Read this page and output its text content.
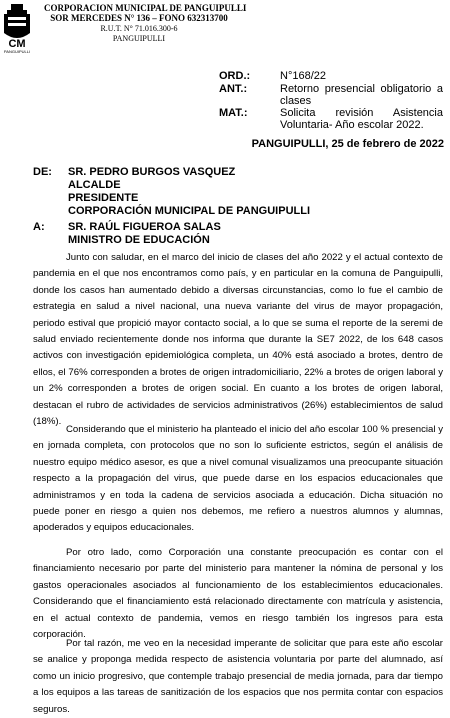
CM
PANGUIPULLI
CORPORACION MUNICIPAL DE PANGUIPULLI
SOR MERCEDES N° 136 – FONO 632313700
R.U.T. N° 71.016.300-6
PANGUIPULLI
ORD.:	N°168/22
ANT.:	Retorno presencial obligatorio a
clases
MAT.:	Solicita revisión Asistencia
Voluntaria- Año escolar 2022.
PANGUIPULLI, 25 de febrero de 2022
DE: SR. PEDRO BURGOS VASQUEZ
ALCALDE
PRESIDENTE
CORPORACIÓN MUNICIPAL DE PANGUIPULLI
A: SR. RAÚL FIGUEROA SALAS
MINISTRO DE EDUCACIÓN

Junto con saludar, en el marco del inicio de clases del año 2022 y el actual contexto de pandemia en el que nos encontramos como país, y en particular en la comuna de Panguipulli, donde los casos han aumentado debido a diversas circunstancias, como lo fue el cambio de estrategia en salud a nivel nacional, una nueva variante del virus de mayor propagación, periodo estival que propició mayor contacto social, a lo que se suma el reporte de la seremi de salud enviado recientemente donde nos informa que durante la SE7 2022, de los 648 casos activos con investigación epidemiológica completa, un 40% está asociado a brotes, dentro de ellos, el 76% corresponden a brotes de origen intradomiciliario, 22% a brotes de origen laboral y un 2% corresponden a brotes de origen social. En cuanto a los brotes de origen laboral, destacan el rubro de actividades de servicios administrativos (26%) establecimientos de salud (18%).

Considerando que el ministerio ha planteado el inicio del año escolar 100 % presencial y en jornada completa, con protocolos que no son lo suficiente estrictos, según el análisis de nuestro equipo médico asesor, es que a nivel comunal visualizamos una preocupante situación respecto a la propagación del virus, que puede darse en los espacios educacionales que administramos y en toda la cadena de servicios asociada a educación. Dicha situación no puede poner en riesgo a quien nos debemos, me refiero a nuestros alumnos y alumnas, apoderados y equipos educacionales.

Por otro lado, como Corporación una constante preocupación es contar con el financiamiento necesario por parte del ministerio para mantener la nómina de personal y los gastos operacionales asociados al funcionamiento de los establecimientos educacionales. Considerando que el financiamiento está relacionado directamente con matrícula y asistencia, en el actual contexto de pandemia, vemos en riesgo también los ingresos para esta corporación.

Por tal razón, me veo en la necesidad imperante de solicitar que para este año escolar se analice y proponga medida respecto de asistencia voluntaria por parte del alumnado, así como un inicio progresivo, que contemple trabajo presencial de media jornada, para dar tiempo a los equipos a las tareas de sanitización de los espacios que nos permita contar con espacios seguros.
